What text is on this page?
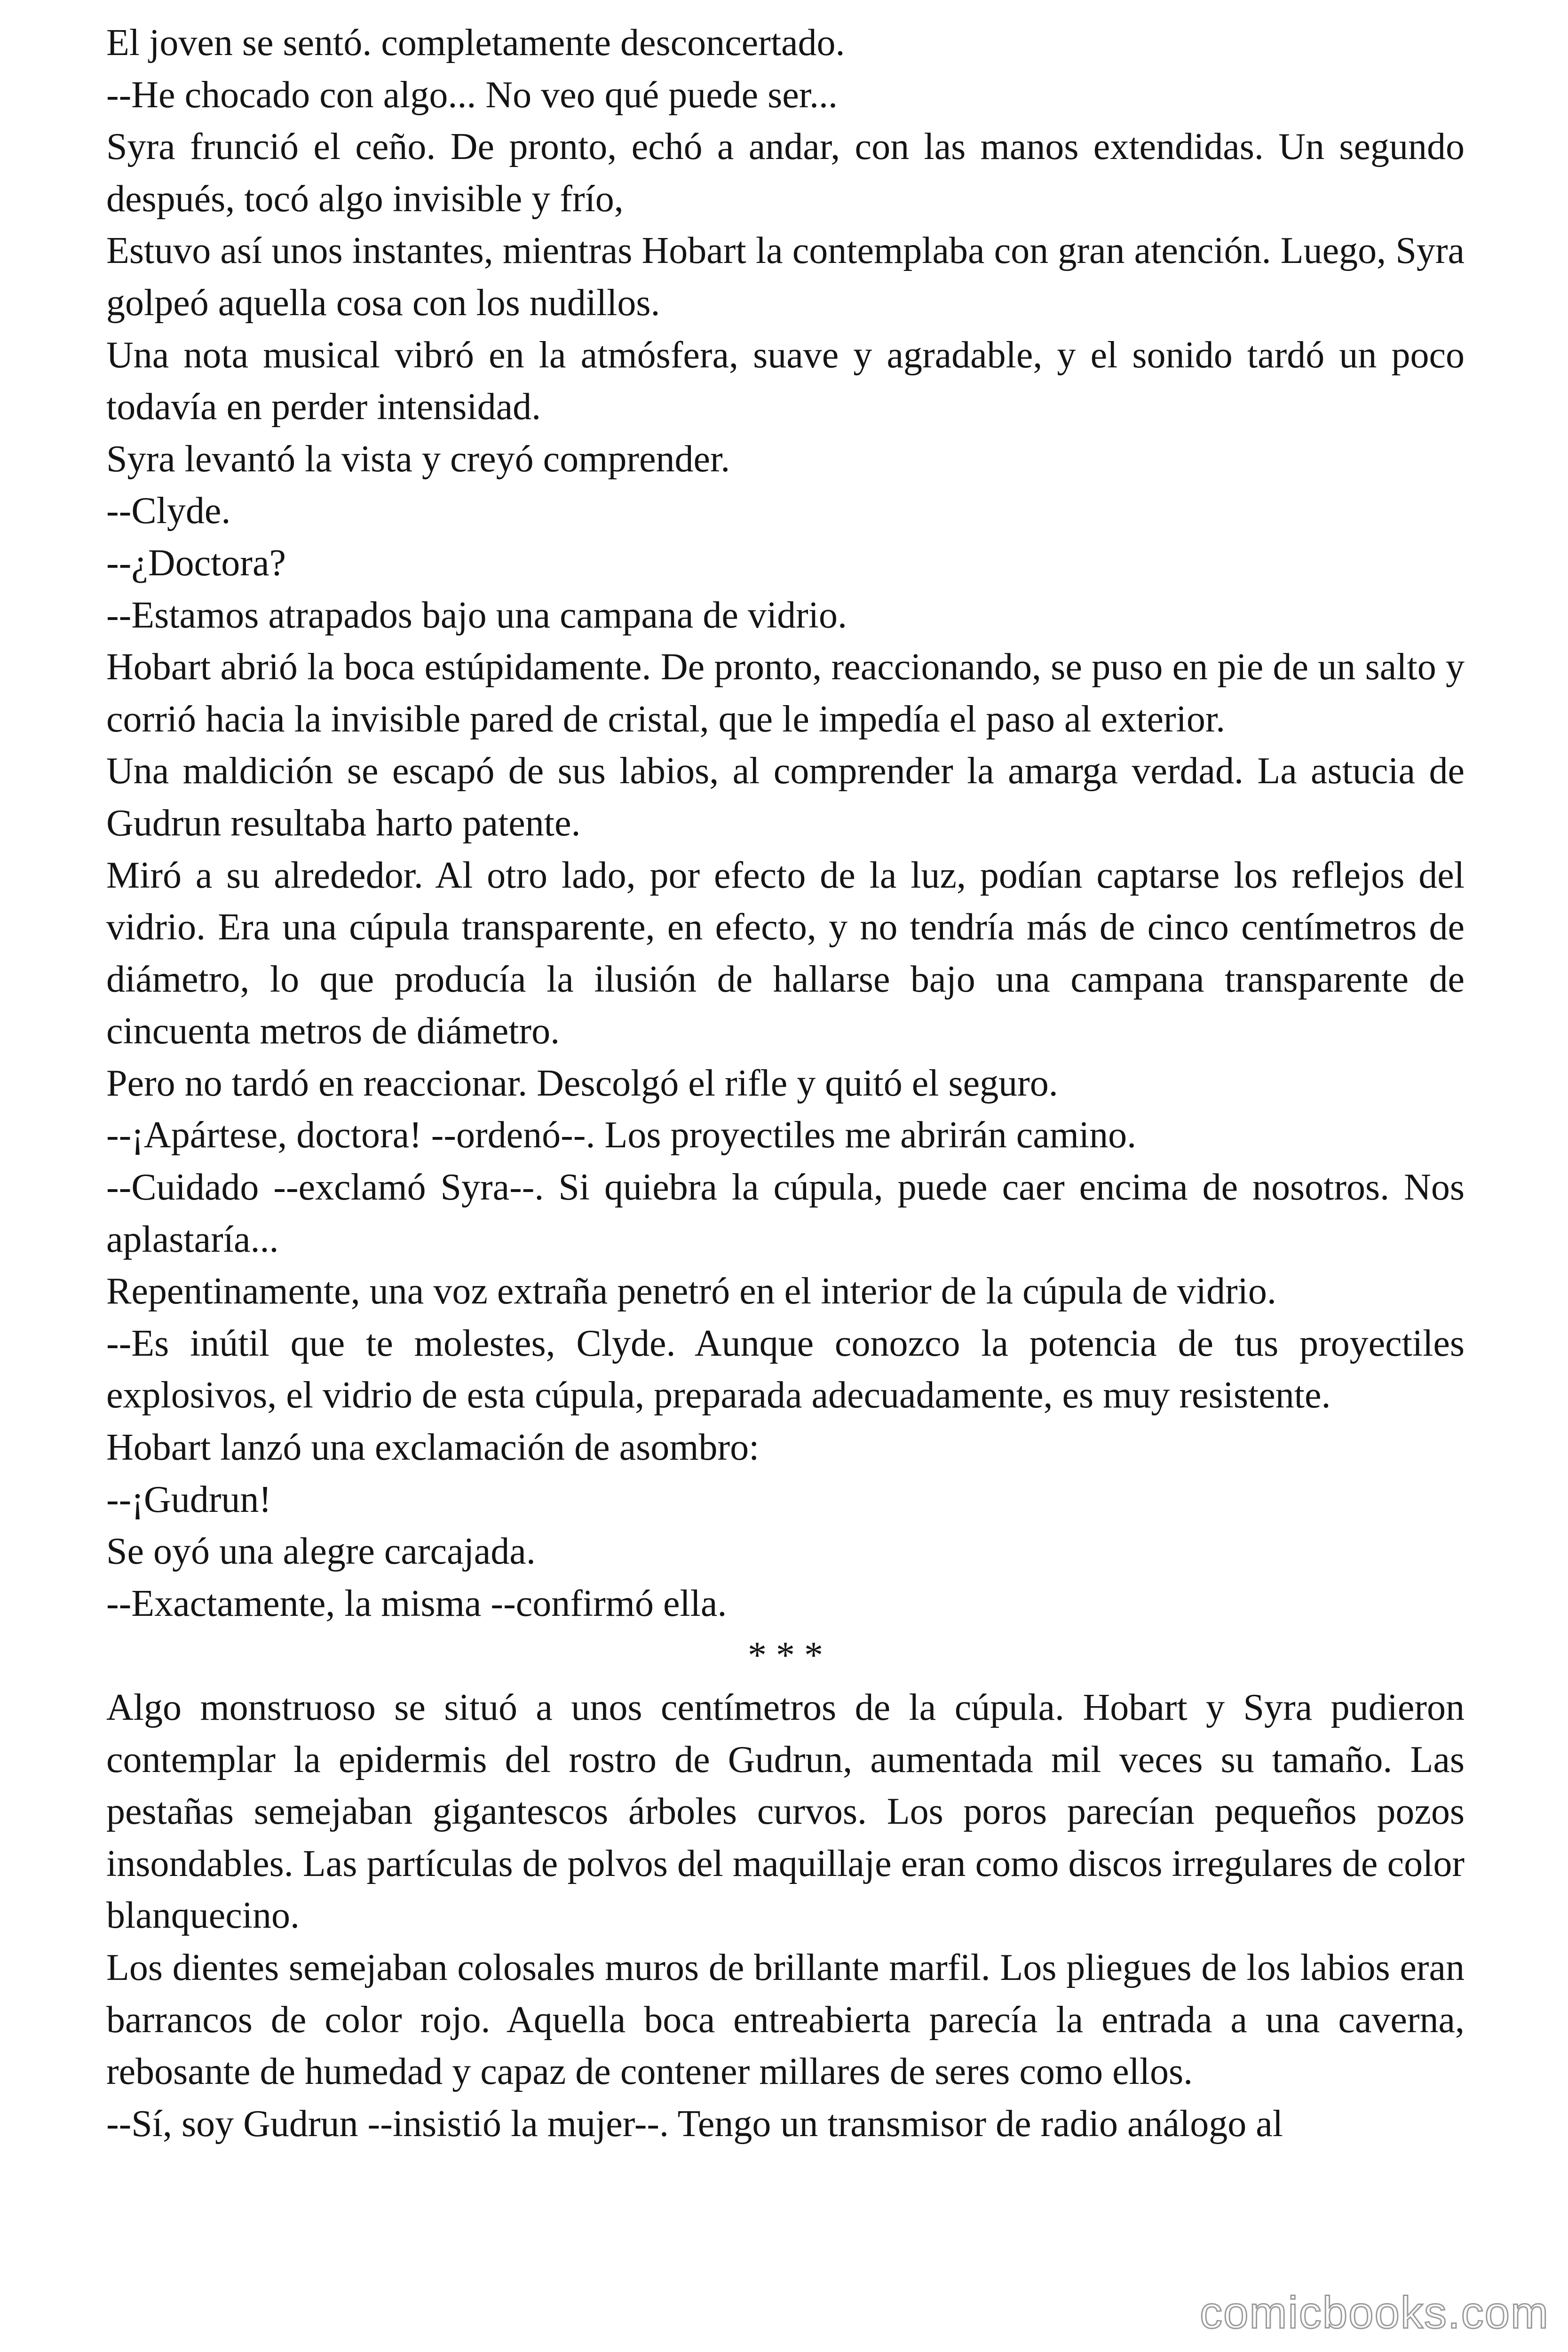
El joven se sentó. completamente desconcertado.

--He chocado con algo... No veo qué puede ser...

Syra frunció el ceño. De pronto, echó a andar, con las manos extendidas. Un segundo después, tocó algo invisible y frío,

Estuvo así unos instantes, mientras Hobart la contemplaba con gran atención. Luego, Syra golpeó aquella cosa con los nudillos.

Una nota musical vibró en la atmósfera, suave y agradable, y el sonido tardó un poco todavía en perder intensidad.

Syra levantó la vista y creyó comprender.

--Clyde.

--¿Doctora?

--Estamos atrapados bajo una campana de vidrio.

Hobart abrió la boca estúpidamente. De pronto, reaccionando, se puso en pie de un salto y corrió hacia la invisible pared de cristal, que le impedía el paso al exterior.

Una maldición se escapó de sus labios, al comprender la amarga verdad. La astucia de Gudrun resultaba harto patente.

Miró a su alrededor. Al otro lado, por efecto de la luz, podían captarse los reflejos del vidrio. Era una cúpula transparente, en efecto, y no tendría más de cinco centímetros de diámetro, lo que producía la ilusión de hallarse bajo una campana transparente de cincuenta metros de diámetro.

Pero no tardó en reaccionar. Descolgó el rifle y quitó el seguro.

--¡Apártese, doctora! --ordenó--. Los proyectiles me abrirán camino.

--Cuidado --exclamó Syra--. Si quiebra la cúpula, puede caer encima de nosotros. Nos aplastaría...

Repentinamente, una voz extraña penetró en el interior de la cúpula de vidrio.

--Es inútil que te molestes, Clyde. Aunque conozco la potencia de tus proyectiles explosivos, el vidrio de esta cúpula, preparada adecuadamente, es muy resistente.

Hobart lanzó una exclamación de asombro:

--¡Gudrun!

Se oyó una alegre carcajada.

--Exactamente, la misma --confirmó ella.

* * *

Algo monstruoso se situó a unos centímetros de la cúpula. Hobart y Syra pudieron contemplar la epidermis del rostro de Gudrun, aumentada mil veces su tamaño. Las pestañas semejaban gigantescos árboles curvos. Los poros parecían pequeños pozos insondables. Las partículas de polvos del maquillaje eran como discos irregulares de color blanquecino.

Los dientes semejaban colosales muros de brillante marfil. Los pliegues de los labios eran barrancos de color rojo. Aquella boca entreabierta parecía la entrada a una caverna, rebosante de humedad y capaz de contener millares de seres como ellos.

--Sí, soy Gudrun --insistió la mujer--. Tengo un transmisor de radio análogo al

comicbooks.com
